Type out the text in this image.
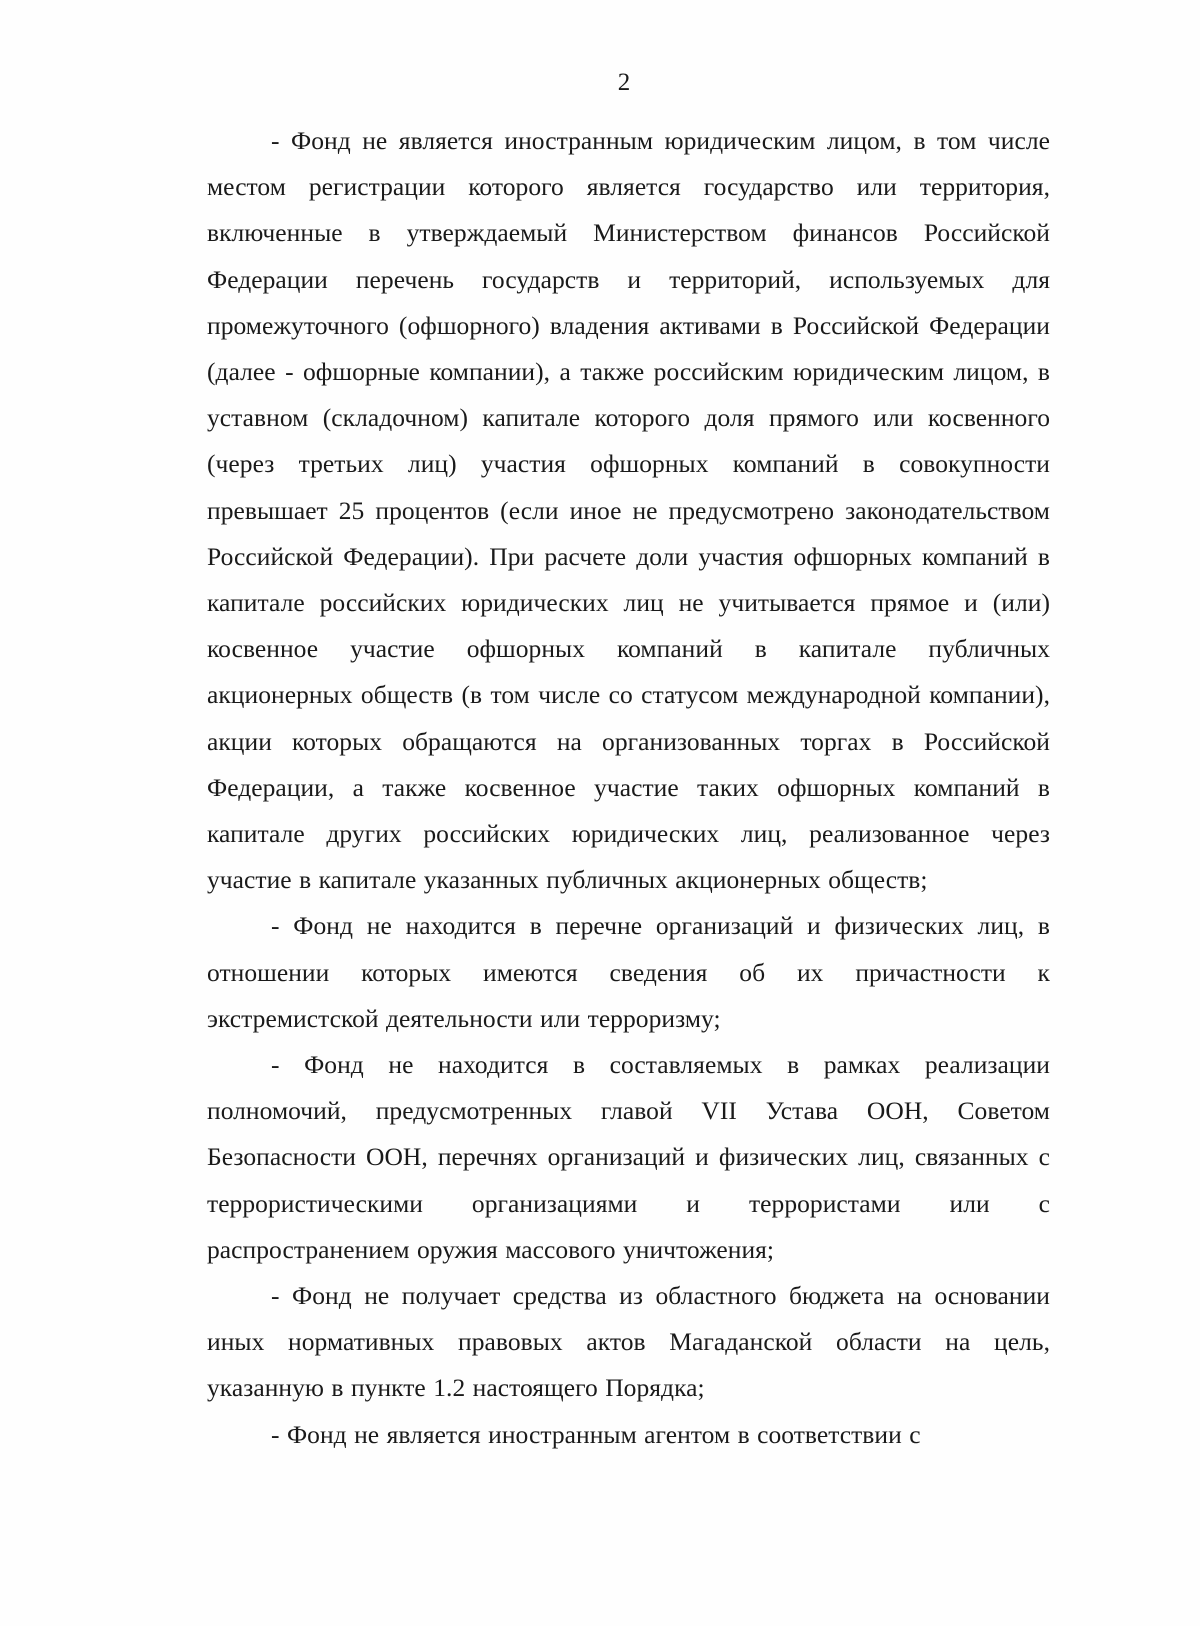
2

- Фонд не является иностранным юридическим лицом, в том числе местом регистрации которого является государство или территория, включенные в утверждаемый Министерством финансов Российской Федерации перечень государств и территорий, используемых для промежуточного (офшорного) владения активами в Российской Федерации (далее - офшорные компании), а также российским юридическим лицом, в уставном (складочном) капитале которого доля прямого или косвенного (через третьих лиц) участия офшорных компаний в совокупности превышает 25 процентов (если иное не предусмотрено законодательством Российской Федерации). При расчете доли участия офшорных компаний в капитале российских юридических лиц не учитывается прямое и (или) косвенное участие офшорных компаний в капитале публичных акционерных обществ (в том числе со статусом международной компании), акции которых обращаются на организованных торгах в Российской Федерации, а также косвенное участие таких офшорных компаний в капитале других российских юридических лиц, реализованное через участие в капитале указанных публичных акционерных обществ;

- Фонд не находится в перечне организаций и физических лиц, в отношении которых имеются сведения об их причастности к экстремистской деятельности или терроризму;

- Фонд не находится в составляемых в рамках реализации полномочий, предусмотренных главой VII Устава ООН, Советом Безопасности ООН, перечнях организаций и физических лиц, связанных с террористическими организациями и террористами или с распространением оружия массового уничтожения;

- Фонд не получает средства из областного бюджета на основании иных нормативных правовых актов Магаданской области на цель, указанную в пункте 1.2 настоящего Порядка;

- Фонд не является иностранным агентом в соответствии с
